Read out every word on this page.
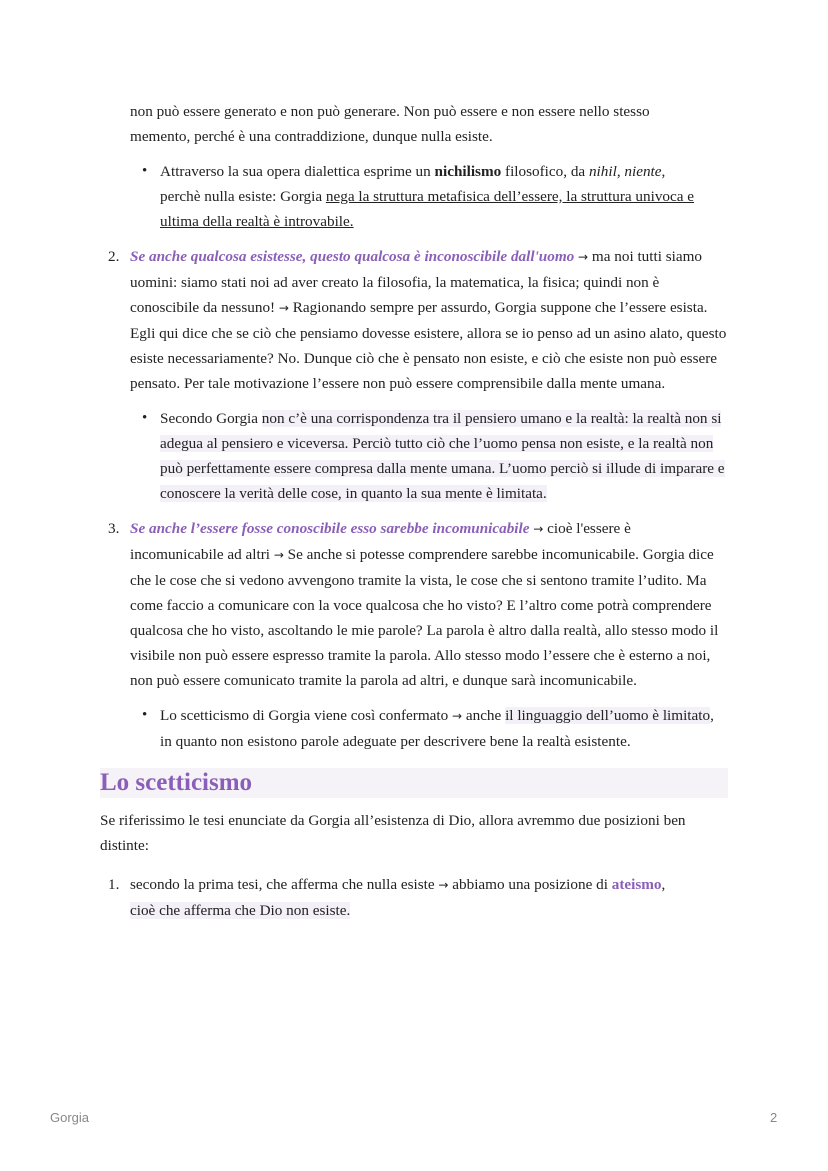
non può essere generato e non può generare. Non può essere e non essere nello stesso
memento, perché è una contraddizione, dunque nulla esiste.

• Attraverso la sua opera dialettica esprime un nichilismo filosofico, da nihil, niente,
perchè nulla esiste: Gorgia nega la struttura metafisica dell’essere, la struttura univoca e ultima della realtà è introvabile.
2. Se anche qualcosa esistesse, questo qualcosa è inconoscibile dall'uomo → ma noi tutti siamo uomini: siamo stati noi ad aver creato la filosofia, la matematica, la fisica; quindi non è conoscibile da nessuno! → Ragionando sempre per assurdo, Gorgia suppone che l’essere esista. Egli qui dice che se ciò che pensiamo dovesse esistere, allora se io penso ad un asino alato, questo esiste necessariamente? No. Dunque ciò che è pensato non esiste, e ciò che esiste non può essere pensato. Per tale motivazione l’essere non può essere comprensibile dalla mente umana.
• Secondo Gorgia non c’è una corrispondenza tra il pensiero umano e la realtà: la realtà non si adegua al pensiero e viceversa. Perciò tutto ciò che l’uomo pensa non esiste, e la realtà non può perfettamente essere compresa dalla mente umana. L’uomo perciò si illude di imparare e conoscere la verità delle cose, in quanto la sua mente è limitata.
3. Se anche l’essere fosse conoscibile esso sarebbe incomunicabile → cioè l'essere è incomunicabile ad altri → Se anche si potesse comprendere sarebbe incomunicabile. Gorgia dice che le cose che si vedono avvengono tramite la vista, le cose che si sentono tramite l’udito. Ma come faccio a comunicare con la voce qualcosa che ho visto? E l’altro come potrà comprendere qualcosa che ho visto, ascoltando le mie parole? La parola è altro dalla realtà, allo stesso modo il visibile non può essere espresso tramite la parola. Allo stesso modo l’essere che è esterno a noi, non può essere comunicato tramite la parola ad altri, e dunque sarà incomunicabile.
• Lo scetticismo di Gorgia viene così confermato → anche il linguaggio dell’uomo è limitato, in quanto non esistono parole adeguate per descrivere bene la realtà esistente.
Lo scetticismo

Se riferissimo le tesi enunciate da Gorgia all’esistenza di Dio, allora avremmo due posizioni ben distinte:

1. secondo la prima tesi, che afferma che nulla esiste → abbiamo una posizione di ateismo,
cioè che afferma che Dio non esiste.
Gorgia	2
